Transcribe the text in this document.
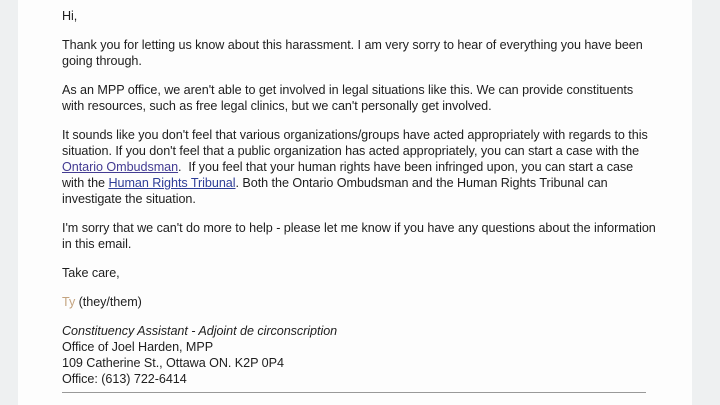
Hi,

Thank you for letting us know about this harassment. I am very sorry to hear of everything you have been going through.

As an MPP office, we aren't able to get involved in legal situations like this. We can provide constituents with resources, such as free legal clinics, but we can't personally get involved.

It sounds like you don't feel that various organizations/groups have acted appropriately with regards to this situation. If you don't feel that a public organization has acted appropriately, you can start a case with the Ontario Ombudsman.  If you feel that your human rights have been infringed upon, you can start a case with the Human Rights Tribunal. Both the Ontario Ombudsman and the Human Rights Tribunal can investigate the situation.

I'm sorry that we can't do more to help - please let me know if you have any questions about the information in this email.

Take care,

Ty (they/them)

Constituency Assistant - Adjoint de circonscription

Office of Joel Harden, MPP

109 Catherine St., Ottawa ON. K2P 0P4

Office: (613) 722-6414
